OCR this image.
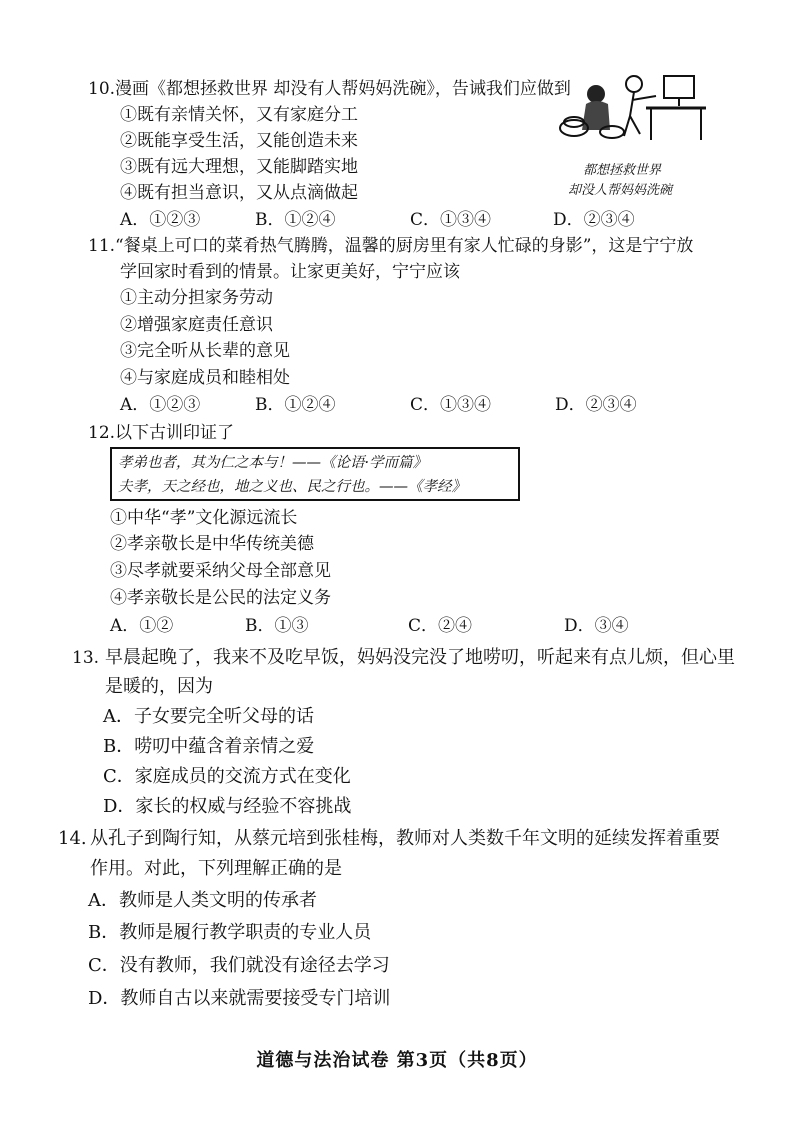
10. 漫画《都想拯救世界 却没有人帮妈妈洗碗》，告诫我们应做到
①既有亲情关怀，又有家庭分工
②既能享受生活，又能创造未来
③既有远大理想，又能脚踏实地
④既有担当意识，又从点滴做起
A．①②③	B．①②④	C．①③④	D．②③④
都想拯救世界
却没人帮妈妈洗碗
11. “餐桌上可口的菜肴热气腾腾，温馨的厨房里有家人忙碌的身影”，这是宁宁放
学回家时看到的情景。让家更美好，宁宁应该
①主动分担家务劳动
②增强家庭责任意识
③完全听从长辈的意见
④与家庭成员和睦相处
A．①②③	B．①②④	C．①③④	D．②③④
12. 以下古训印证了
孝弟也者，其为仁之本与！——《论语·学而篇》
夫孝，天之经也，地之义也、民之行也。——《孝经》
①中华“孝”文化源远流长
②孝亲敬长是中华传统美德
③尽孝就要采纳父母全部意见
④孝亲敬长是公民的法定义务
A．①②	B．①③	C．②④	D．③④
13. 早晨起晚了，我来不及吃早饭，妈妈没完没了地唠叨，听起来有点儿烦，但心里
是暖的，因为
A．子女要完全听父母的话
B．唠叨中蕴含着亲情之爱
C．家庭成员的交流方式在变化
D．家长的权威与经验不容挑战
14. 从孔子到陶行知，从蔡元培到张桂梅，教师对人类数千年文明的延续发挥着重要
作用。对此，下列理解正确的是
A．教师是人类文明的传承者
B．教师是履行教学职责的专业人员
C．没有教师，我们就没有途径去学习
D．教师自古以来就需要接受专门培训
道德与法治试卷 第3页（共8页）
